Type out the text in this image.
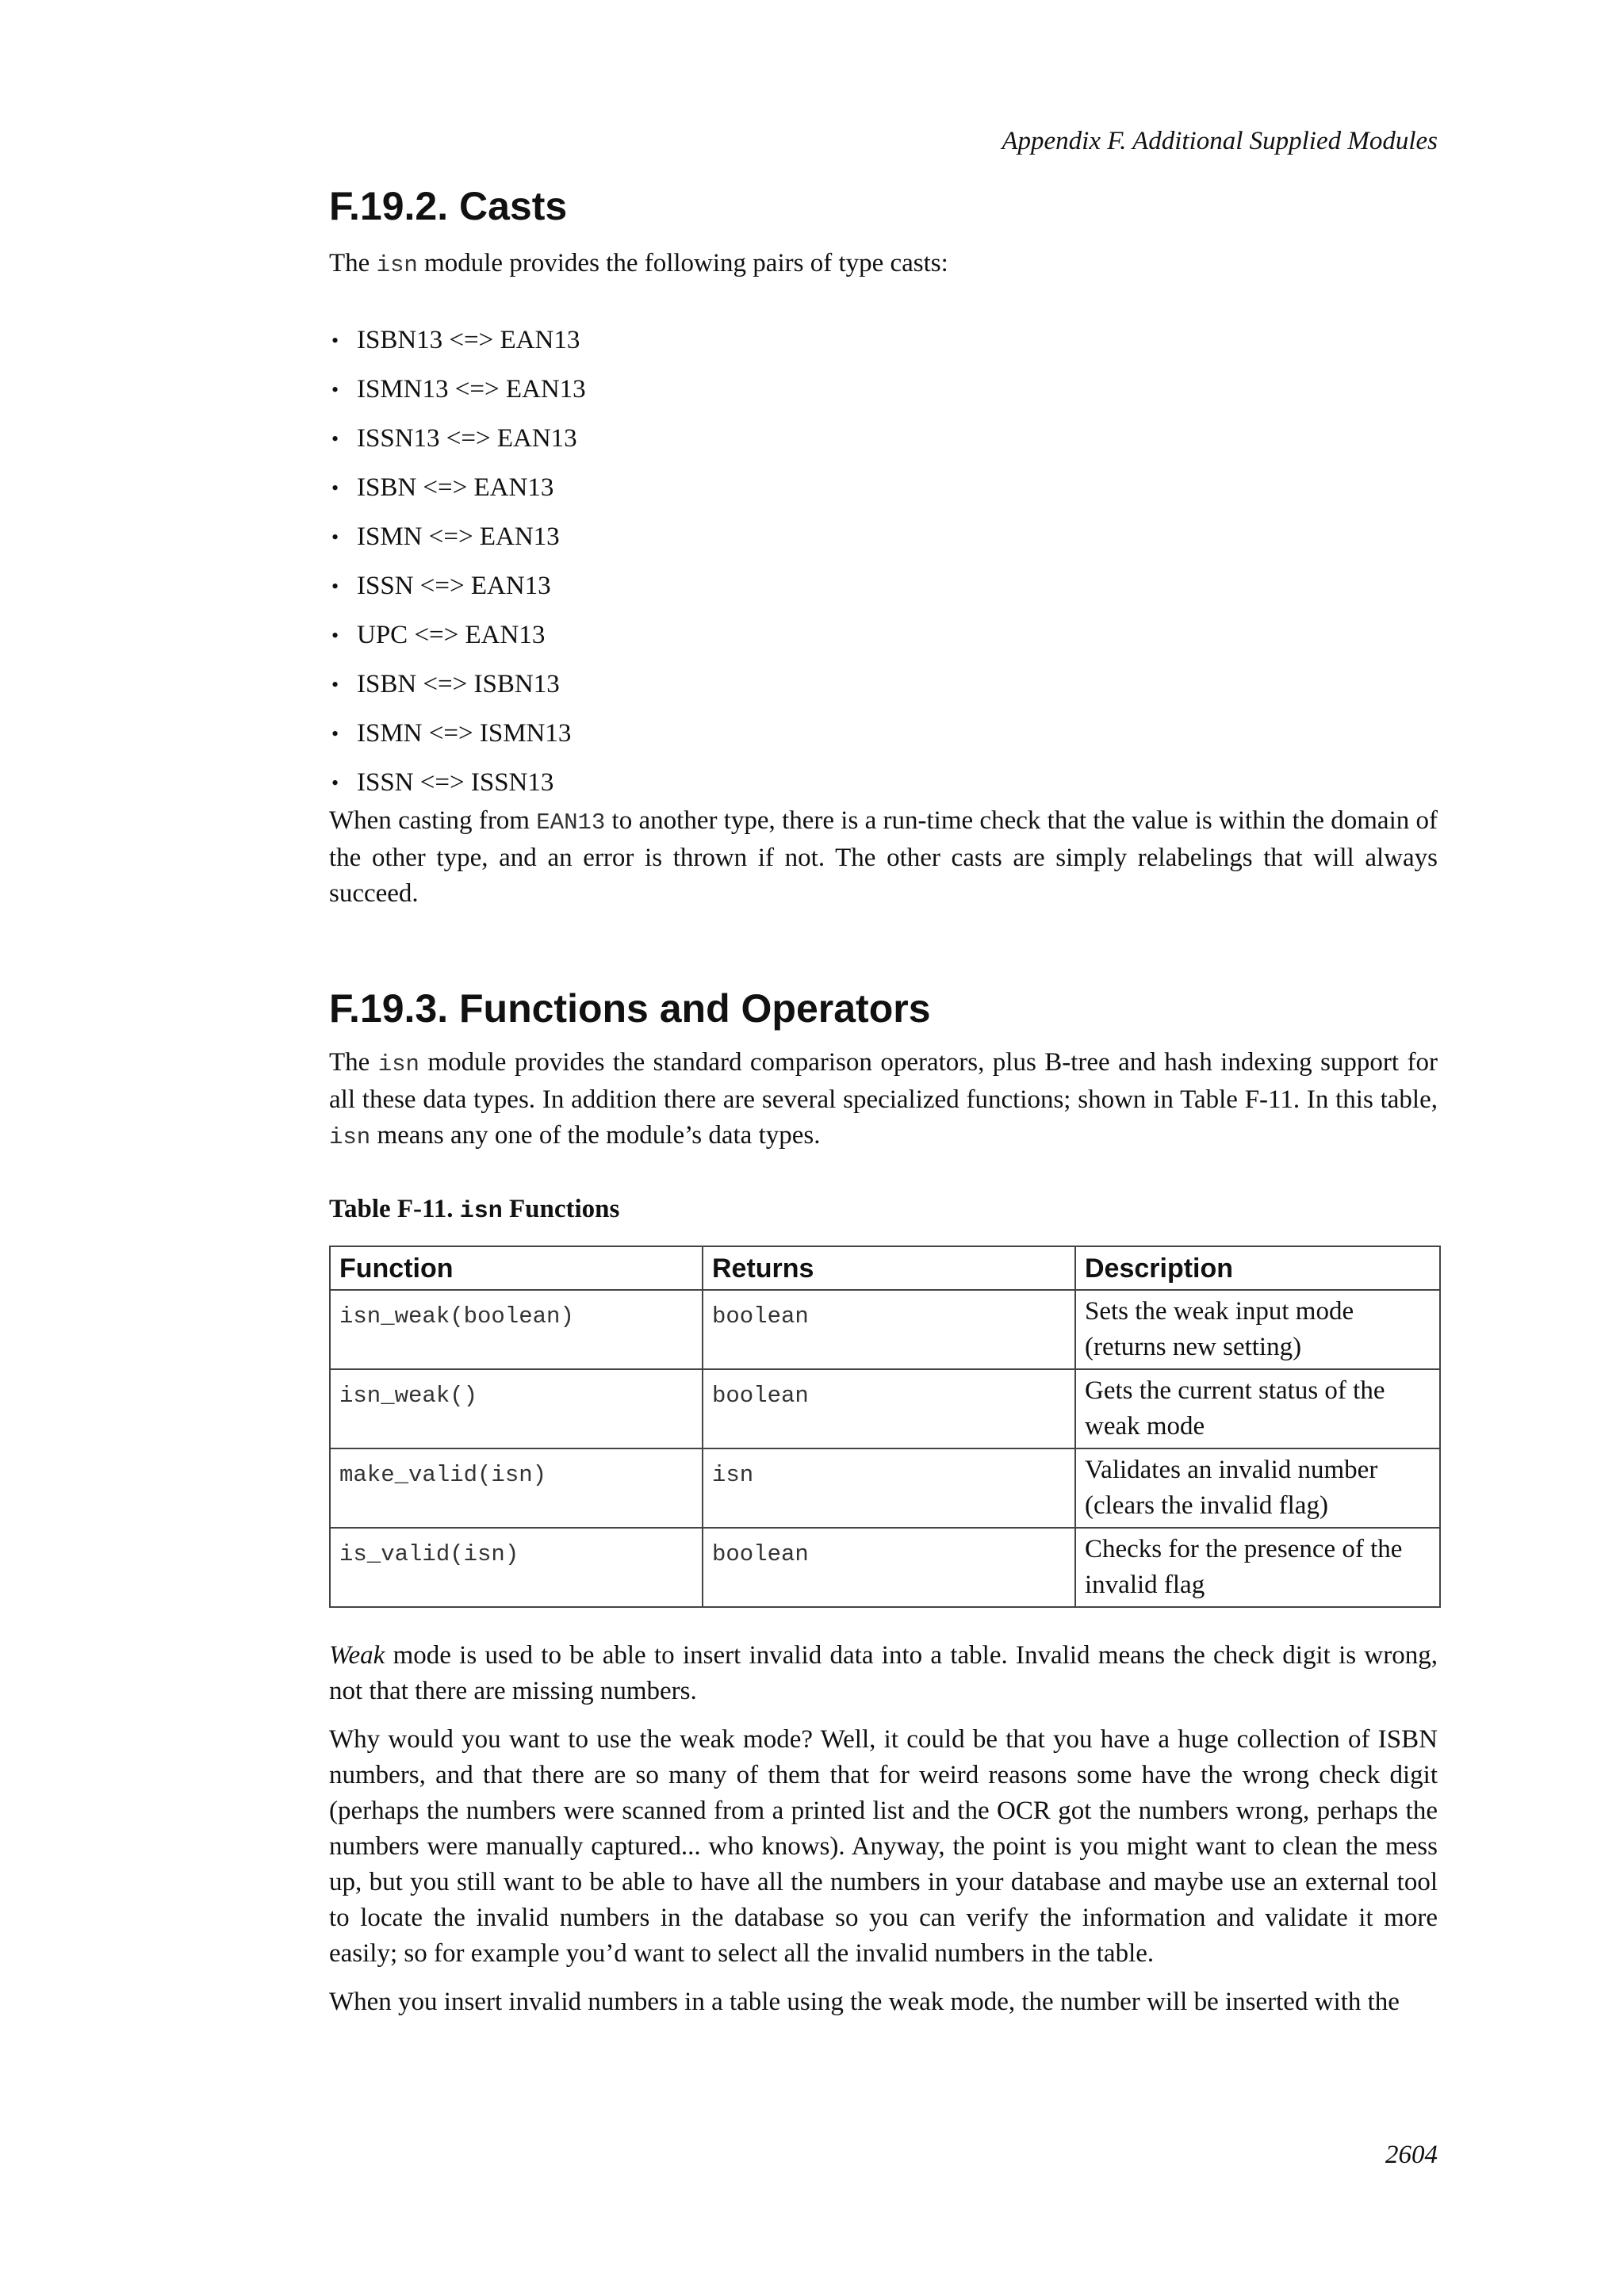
Appendix F. Additional Supplied Modules
F.19.2. Casts

The isn module provides the following pairs of type casts:

• ISBN13 <=> EAN13
• ISMN13 <=> EAN13
• ISSN13 <=> EAN13
• ISBN <=> EAN13
• ISMN <=> EAN13
• ISSN <=> EAN13
• UPC <=> EAN13
• ISBN <=> ISBN13
• ISMN <=> ISMN13
• ISSN <=> ISSN13

When casting from EAN13 to another type, there is a run-time check that the value is within the domain of the other type, and an error is thrown if not. The other casts are simply relabelings that will always succeed.

F.19.3. Functions and Operators

The isn module provides the standard comparison operators, plus B-tree and hash indexing support for all these data types. In addition there are several specialized functions; shown in Table F-11. In this table, isn means any one of the module’s data types.

Table F-11. isn Functions
Function	Returns	Description
isn_weak(boolean)	boolean	Sets the weak input mode (returns new setting)
isn_weak()	boolean	Gets the current status of the weak mode
make_valid(isn)	isn	Validates an invalid number (clears the invalid flag)
is_valid(isn)	boolean	Checks for the presence of the invalid flag

Weak mode is used to be able to insert invalid data into a table. Invalid means the check digit is wrong, not that there are missing numbers.

Why would you want to use the weak mode? Well, it could be that you have a huge collection of ISBN numbers, and that there are so many of them that for weird reasons some have the wrong check digit (perhaps the numbers were scanned from a printed list and the OCR got the numbers wrong, perhaps the numbers were manually captured... who knows). Anyway, the point is you might want to clean the mess up, but you still want to be able to have all the numbers in your database and maybe use an external tool to locate the invalid numbers in the database so you can verify the information and validate it more easily; so for example you’d want to select all the invalid numbers in the table.

When you insert invalid numbers in a table using the weak mode, the number will be inserted with the

2604
